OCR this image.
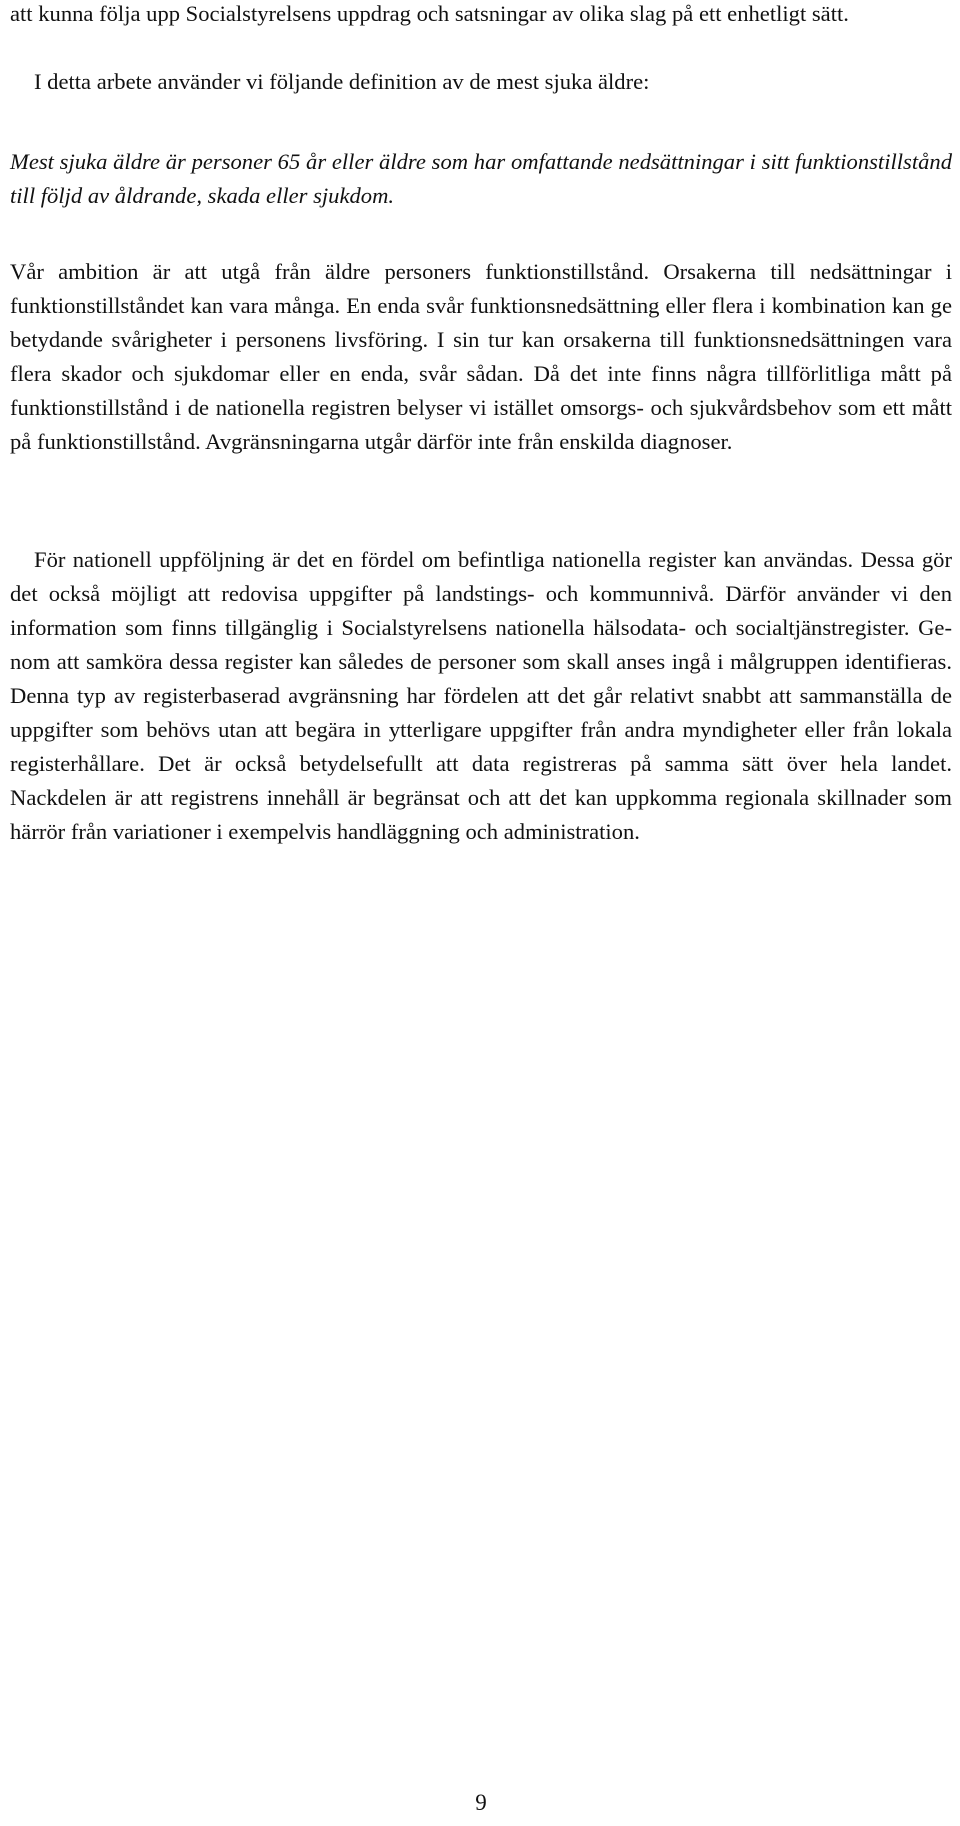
att kunna följa upp Socialstyrelsens uppdrag och satsningar av olika slag på ett enhetligt sätt.

I detta arbete använder vi följande definition av de mest sjuka äldre:

Mest sjuka äldre är personer 65 år eller äldre som har omfattande nedsättningar i sitt funktionstillstånd till följd av åldrande, skada eller sjukdom.

Vår ambition är att utgå från äldre personers funktionstillstånd. Orsakerna till nedsättningar i funktionstillståndet kan vara många. En enda svår funktionsnedsättning eller flera i kombination kan ge betydande svårigheter i personens livsföring. I sin tur kan orsakerna till funktionsnedsättningen vara flera skador och sjukdomar eller en enda, svår sådan. Då det inte finns några tillförlitliga mått på funktionstillstånd i de nationella registren belyser vi istället omsorgs- och sjukvårdsbehov som ett mått på funktionstillstånd. Avgränsningarna utgår därför inte från enskilda diagnoser.

För nationell uppföljning är det en fördel om befintliga nationella register kan användas. Dessa gör det också möjligt att redovisa uppgifter på landstings- och kommunnivå. Därför använder vi den information som finns tillgänglig i Socialstyrelsens nationella hälsodata- och socialtjänstregister. Genom att samköra dessa register kan således de personer som skall anses ingå i målgruppen identifieras. Denna typ av registerbaserad avgränsning har fördelen att det går relativt snabbt att sammanställa de uppgifter som behövs utan att begära in ytterligare uppgifter från andra myndigheter eller från lokala registerhållare. Det är också betydelsefullt att data registreras på samma sätt över hela landet. Nackdelen är att registrens innehåll är begränsat och att det kan uppkomma regionala skillnader som härrör från variationer i exempelvis handläggning och administration.

9
